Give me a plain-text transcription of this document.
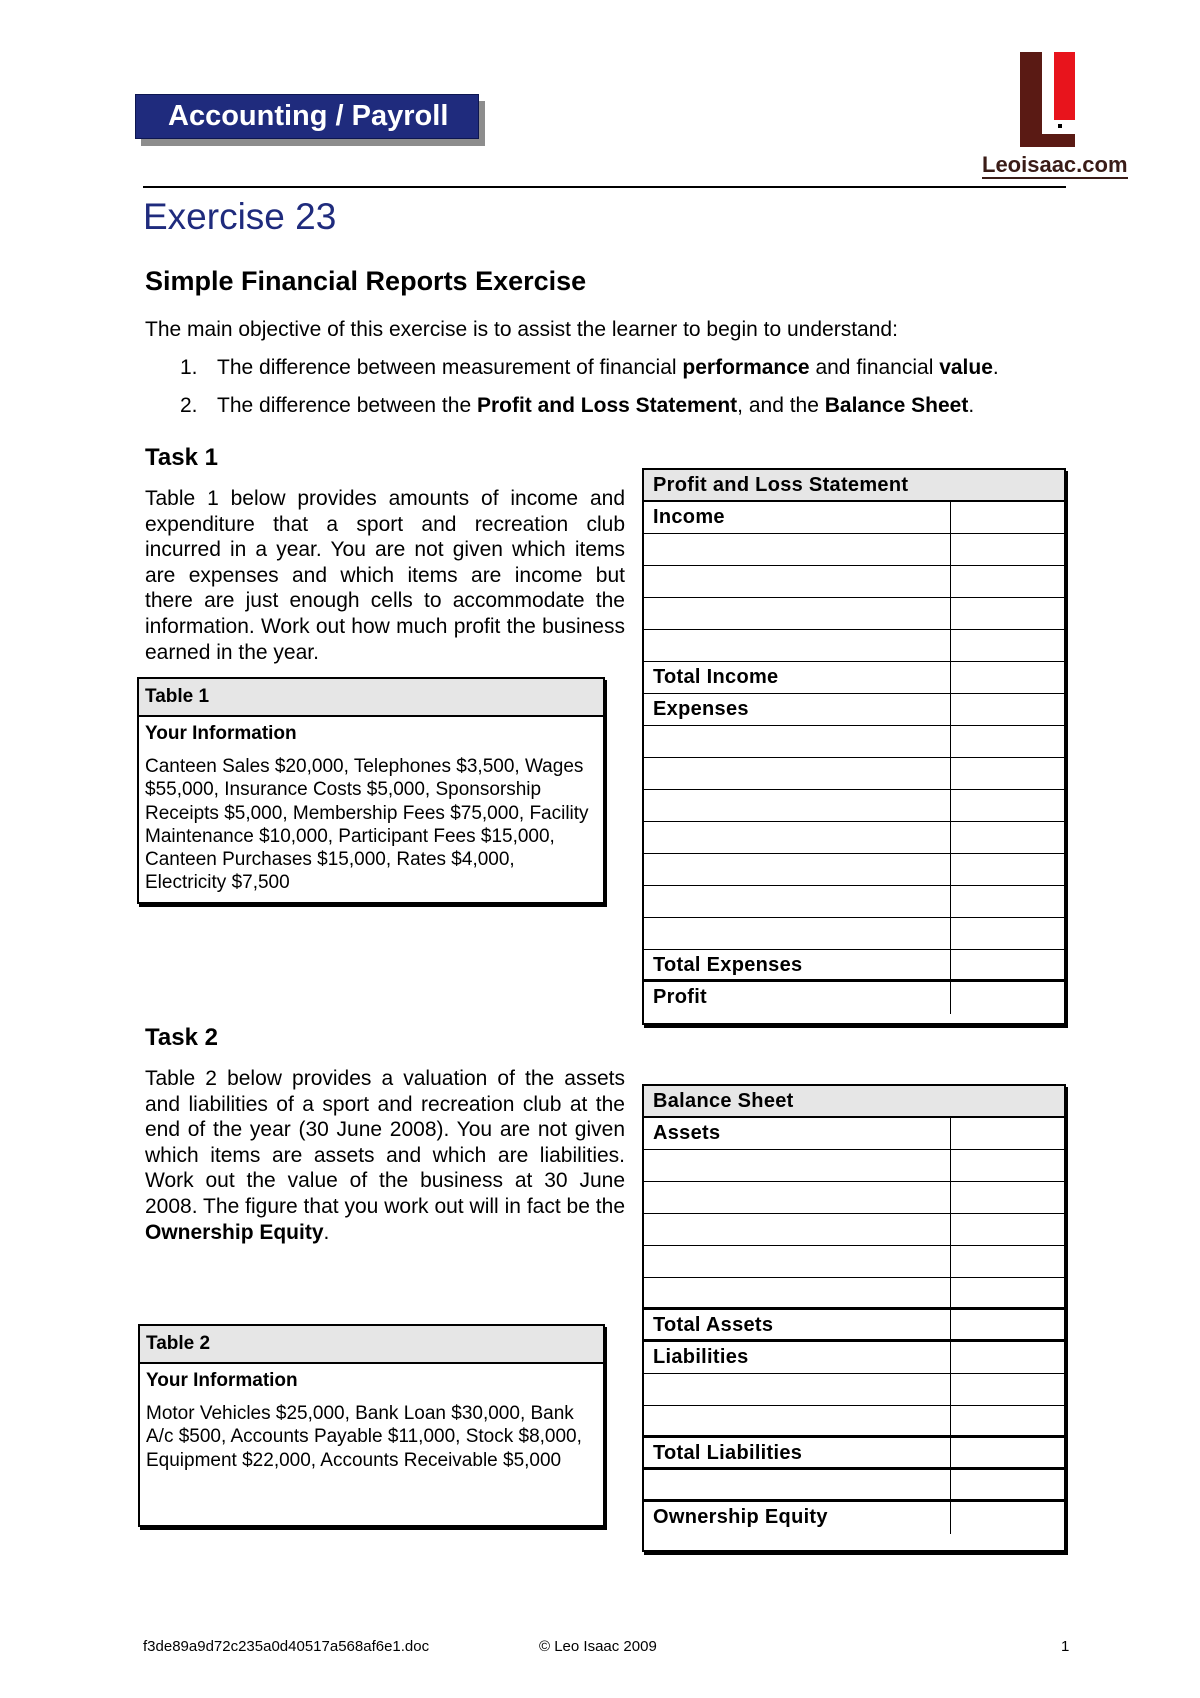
Accounting / Payroll
Leoisaac.com
Exercise 23
Simple Financial Reports Exercise
The main objective of this exercise is to assist the learner to begin to understand:
1. The difference between measurement of financial performance and financial value.
2. The difference between the Profit and Loss Statement, and the Balance Sheet.
Task 1
Table 1 below provides amounts of income and expenditure that a sport and recreation club incurred in a year. You are not given which items are expenses and which items are income but there are just enough cells to accommodate the information. Work out how much profit the business earned in the year.
Table 1
Your Information
Canteen Sales $20,000, Telephones $3,500, Wages $55,000, Insurance Costs $5,000, Sponsorship Receipts $5,000, Membership Fees $75,000, Facility Maintenance $10,000, Participant Fees $15,000, Canteen Purchases $15,000, Rates $4,000, Electricity $7,500
Task 2
Table 2 below provides a valuation of the assets and liabilities of a sport and recreation club at the end of the year (30 June 2008). You are not given which items are assets and which are liabilities. Work out the value of the business at 30 June 2008. The figure that you work out will in fact be the Ownership Equity.
Table 2
Your Information
Motor Vehicles $25,000, Bank Loan $30,000, Bank A/c $500, Accounts Payable $11,000, Stock $8,000, Equipment $22,000, Accounts Receivable $5,000
Profit and Loss Statement
Income
Total Income
Expenses
Total Expenses
Profit
Balance Sheet
Assets
Total Assets
Liabilities
Total Liabilities
Ownership Equity
f3de89a9d72c235a0d40517a568af6e1.doc	© Leo Isaac 2009	1
